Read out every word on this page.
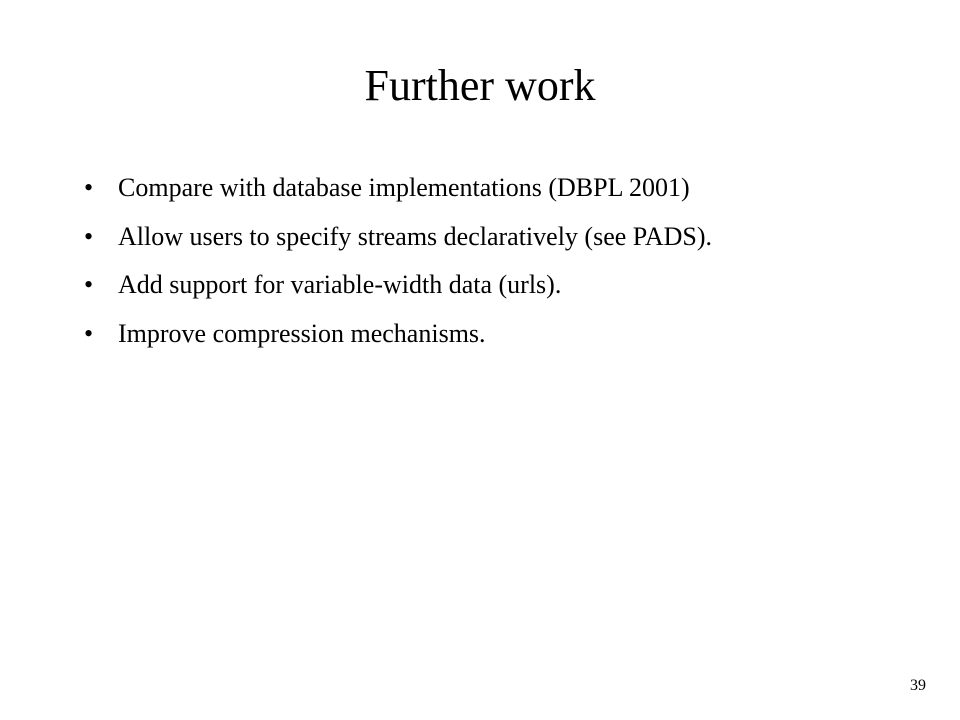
Further work
• Compare with database implementations (DBPL 2001)
• Allow users to specify streams declaratively (see PADS).
• Add support for variable-width data (urls).
• Improve compression mechanisms.
39
